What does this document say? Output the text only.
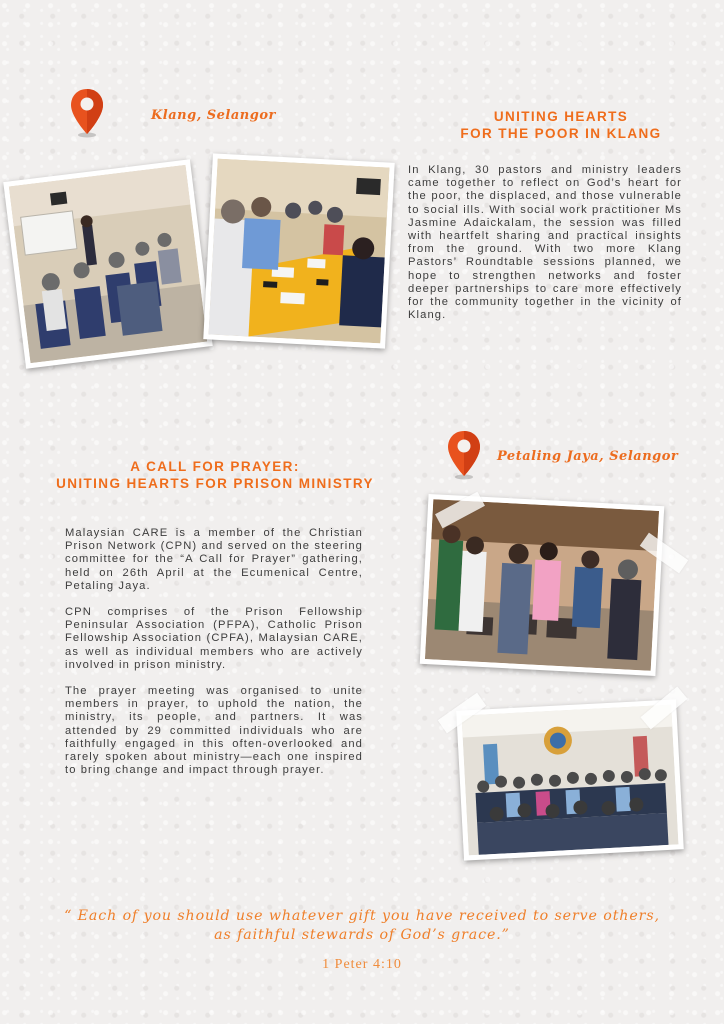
Klang, Selangor	UNITING HEARTS
FOR THE POOR IN KLANG

In Klang, 30 pastors and ministry leaders came together to reflect on God’s heart for the poor, the displaced, and those vulnerable to social ills. With social work practitioner Ms Jasmine Adaickalam, the session was filled with heartfelt sharing and practical insights from the ground. With two more Klang Pastors’ Roundtable sessions planned, we hope to strengthen networks and foster deeper partnerships to care more effectively for the community together in the vicinity of Klang.

Petaling Jaya, Selangor
A CALL FOR PRAYER:
UNITING HEARTS FOR PRISON MINISTRY

Malaysian CARE is a member of the Christian Prison Network (CPN) and served on the steering committee for the “A Call for Prayer” gathering, held on 26th April at the Ecumenical Centre, Petaling Jaya.

CPN comprises of the Prison Fellowship Peninsular Association (PFPA), Catholic Prison Fellowship Association (CPFA), Malaysian CARE, as well as individual members who are actively involved in prison ministry.

The prayer meeting was organised to unite members in prayer, to uphold the nation, the ministry, its people, and partners. It was attended by 29 committed individuals who are faithfully engaged in this often-overlooked and rarely spoken about ministry—each one inspired to bring change and impact through prayer.

“ Each of you should use whatever gift you have received to serve others,
as faithful stewards of God’s grace.”

1 Peter 4:10
